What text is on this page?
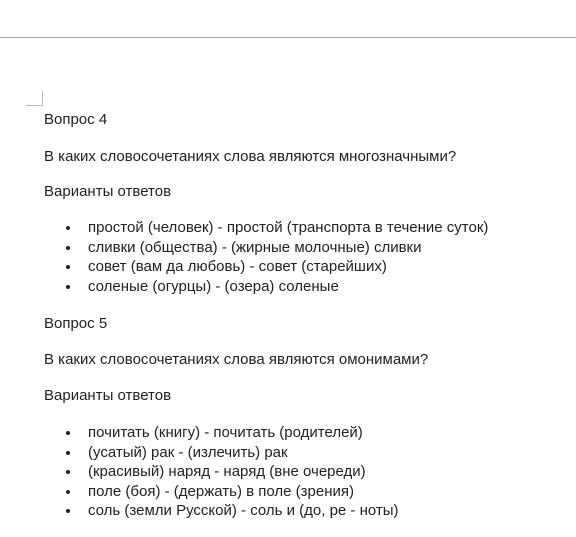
Вопрос 4
В каких словосочетаниях слова являются многозначными?
Варианты ответов
простой (человек) - простой (транспорта в течение суток)
сливки (общества) - (жирные молочные) сливки
совет (вам да любовь) - совет (старейших)
соленые (огурцы) - (озера) соленые
Вопрос 5
В каких словосочетаниях слова являются омонимами?
Варианты ответов
почитать (книгу) - почитать (родителей)
(усатый) рак - (излечить) рак
(красивый) наряд - наряд (вне очереди)
поле (боя) - (держать) в поле (зрения)
соль (земли Русской) - соль и (до, ре - ноты)
